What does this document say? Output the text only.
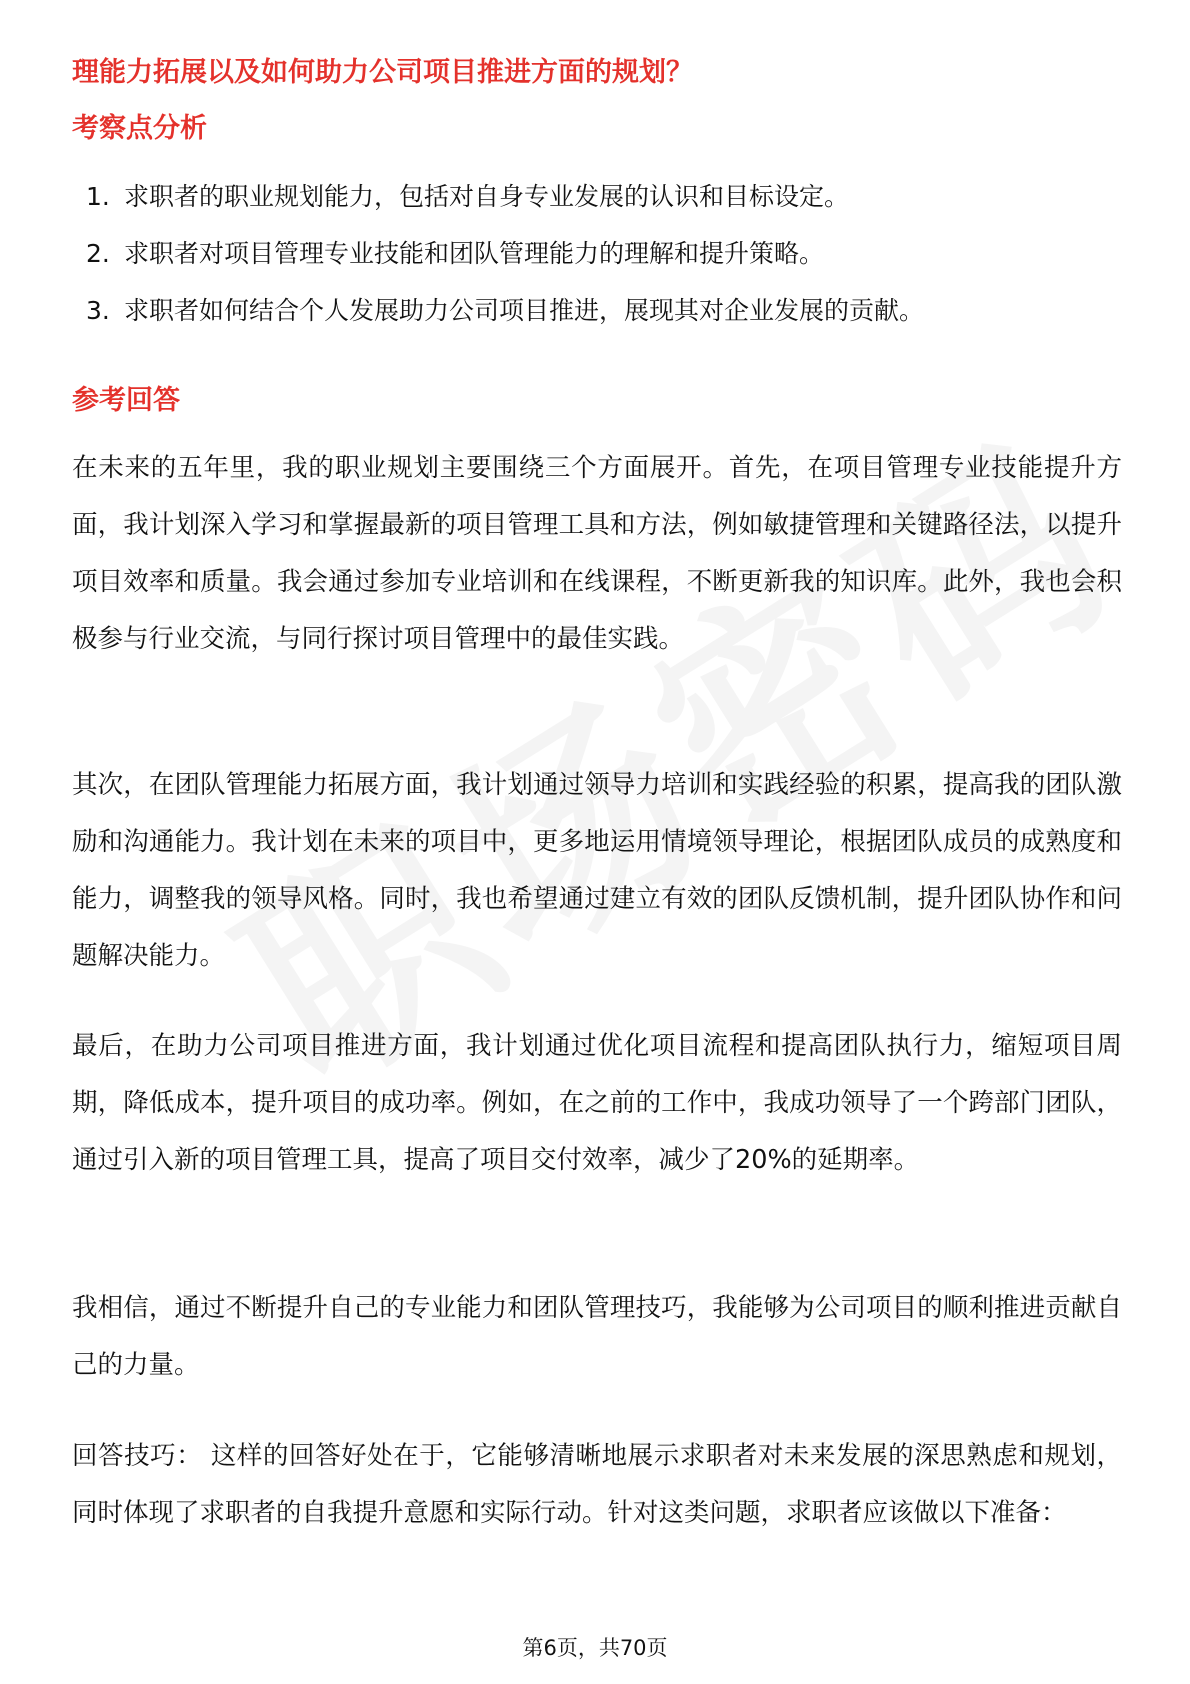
理能力拓展以及如何助力公司项目推进方面的规划？
考察点分析
1. 求职者的职业规划能力，包括对自身专业发展的认识和目标设定。
2. 求职者对项目管理专业技能和团队管理能力的理解和提升策略。
3. 求职者如何结合个人发展助力公司项目推进，展现其对企业发展的贡献。
参考回答

在未来的五年里，我的职业规划主要围绕三个方面展开。首先，在项目管理专业技能提升方面，我计划深入学习和掌握最新的项目管理工具和方法，例如敏捷管理和关键路径法，以提升项目效率和质量。我会通过参加专业培训和在线课程，不断更新我的知识库。此外，我也会积极参与行业交流，与同行探讨项目管理中的最佳实践。

其次，在团队管理能力拓展方面，我计划通过领导力培训和实践经验的积累，提高我的团队激励和沟通能力。我计划在未来的项目中，更多地运用情境领导理论，根据团队成员的成熟度和能力，调整我的领导风格。同时，我也希望通过建立有效的团队反馈机制，提升团队协作和问题解决能力。

最后，在助力公司项目推进方面，我计划通过优化项目流程和提高团队执行力，缩短项目周期，降低成本，提升项目的成功率。例如，在之前的工作中，我成功领导了一个跨部门团队，通过引入新的项目管理工具，提高了项目交付效率，减少了20%的延期率。

我相信，通过不断提升自己的专业能力和团队管理技巧，我能够为公司项目的顺利推进贡献自己的力量。

回答技巧： 这样的回答好处在于，它能够清晰地展示求职者对未来发展的深思熟虑和规划，同时体现了求职者的自我提升意愿和实际行动。针对这类问题，求职者应该做以下准备：

第6页，共70页
